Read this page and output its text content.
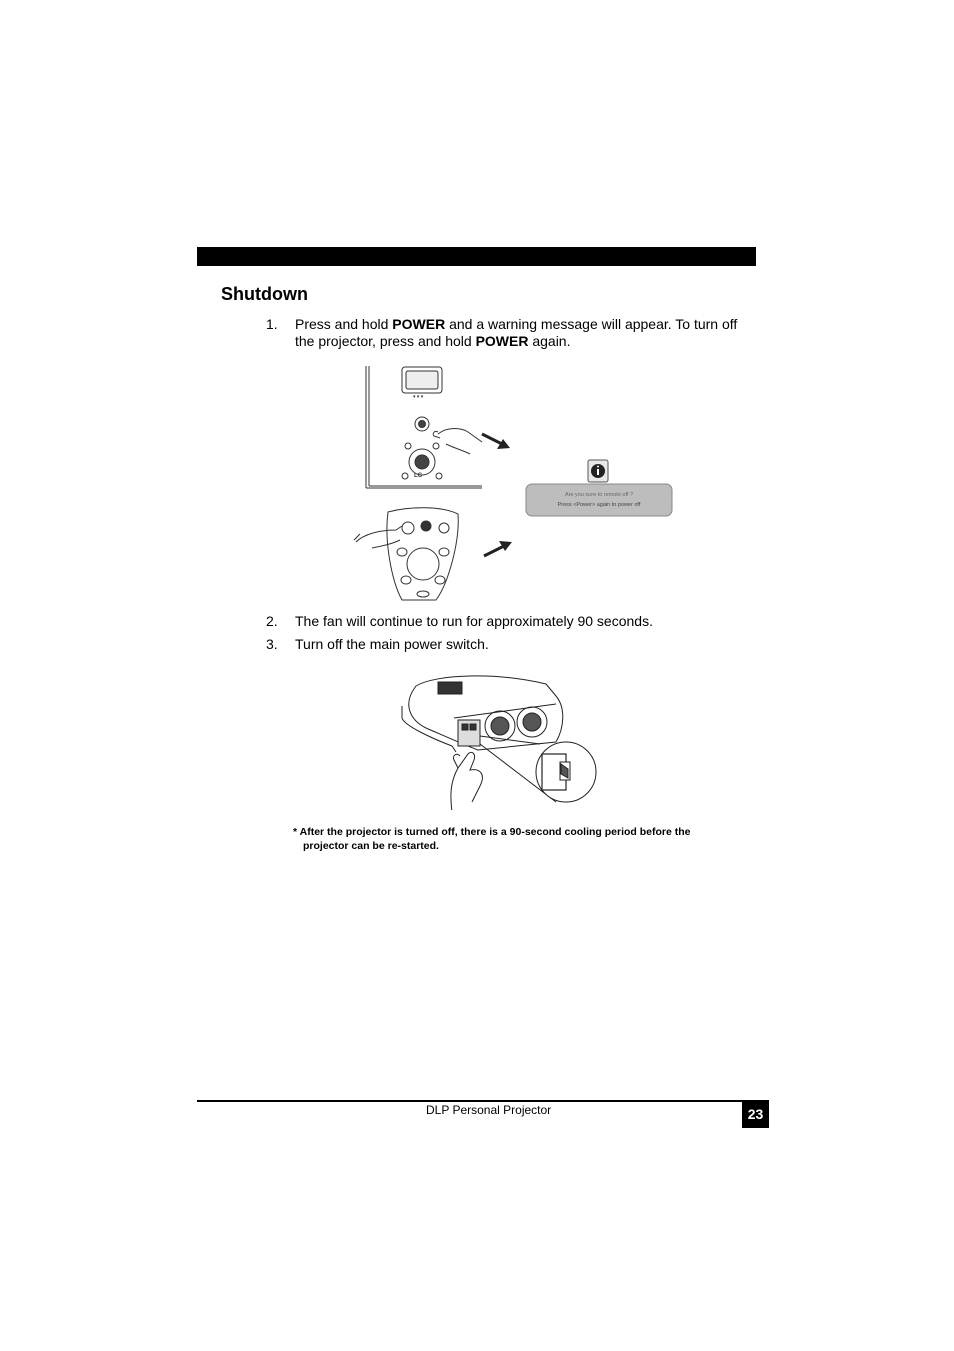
Shutdown
1. Press and hold POWER and a warning message will appear. To turn off the projector, press and hold POWER again.
▾ ▾ ▾
LG
Are you sure to remote off ?
Press <Power> again to power off
2. The fan will continue to run for approximately 90 seconds.
3. Turn off the main power switch.
* After the projector is turned off, there is a 90-second cooling period before the
projector can be re-started.
DLP Personal Projector	23
